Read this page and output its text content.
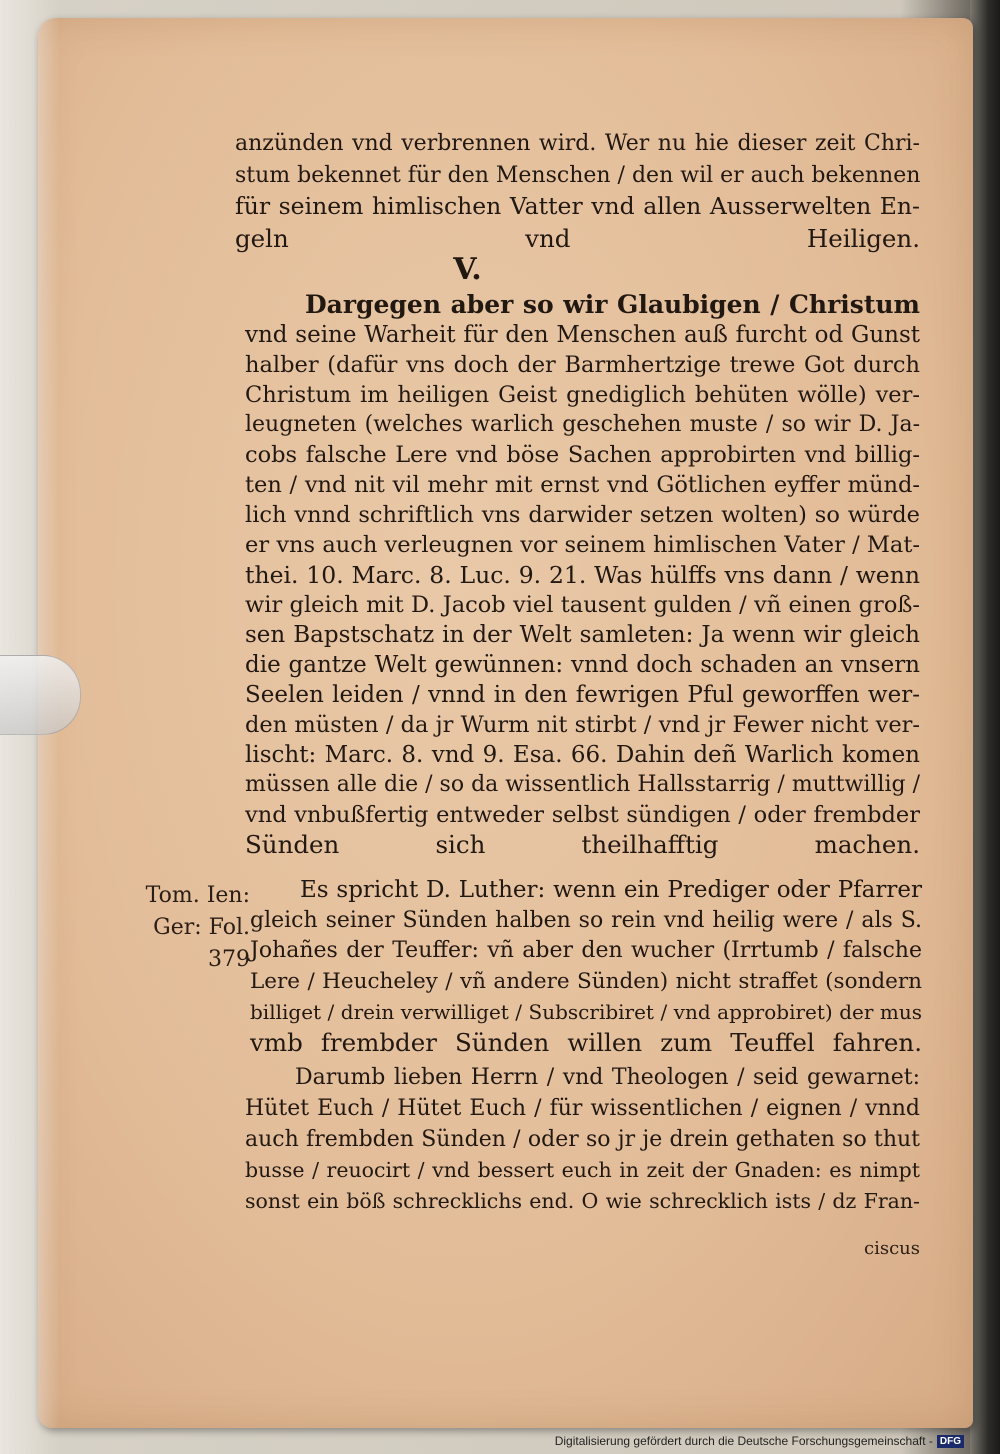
anzünden vnd verbrennen wird. Wer nu hie dieser zeit Chri-
stum bekennet für den Menschen / den wil er auch bekennen
für seinem himlischen Vatter vnd allen Ausserwelten En-
geln vnd Heiligen.
V.
Dargegen aber so wir Glaubigen / Christum
vnd seine Warheit für den Menschen auß furcht od Gunst
halber (dafür vns doch der Barmhertzige trewe Got durch
Christum im heiligen Geist gnediglich behüten wölle) ver-
leugneten (welches warlich geschehen muste / so wir D. Ja-
cobs falsche Lere vnd böse Sachen approbirten vnd billig-
ten / vnd nit vil mehr mit ernst vnd Götlichen eyffer münd-
lich vnnd schriftlich vns darwider setzen wolten) so würde
er vns auch verleugnen vor seinem himlischen Vater / Mat-
thei. 10. Marc. 8. Luc. 9. 21. Was hülffs vns dann / wenn
wir gleich mit D. Jacob viel tausent gulden / vñ einen groß-
sen Bapstschatz in der Welt samleten: Ja wenn wir gleich
die gantze Welt gewünnen: vnnd doch schaden an vnsern
Seelen leiden / vnnd in den fewrigen Pful geworffen wer-
den müsten / da jr Wurm nit stirbt / vnd jr Fewer nicht ver-
lischt: Marc. 8. vnd 9. Esa. 66. Dahin deñ Warlich komen
müssen alle die / so da wissentlich Hallsstarrig / muttwillig /
vnd vnbußfertig entweder selbst sündigen / oder frembder
Sünden sich theilhafftig machen.
Tom. Ien:
Ger: Fol. 379
Es spricht D. Luther: wenn ein Prediger oder Pfarrer
gleich seiner Sünden halben so rein vnd heilig were / als S.
Johañes der Teuffer: vñ aber den wucher (Irrtumb / falsche
Lere / Heucheley / vñ andere Sünden) nicht straffet (sondern
billiget / drein verwilliget / Subscribiret / vnd approbiret) der mus
vmb frembder Sünden willen zum Teuffel fahren.
Darumb lieben Herrn / vnd Theologen / seid gewarnet:
Hütet Euch / Hütet Euch / für wissentlichen / eignen / vnnd
auch frembden Sünden / oder so jr je drein gethaten so thut
busse / reuocirt / vnd bessert euch in zeit der Gnaden: es nimpt
sonst ein böß schrecklichs end. O wie schrecklich ists / dz Fran-
ciscus
Digitalisierung gefördert durch die Deutsche Forschungsgemeinschaft - DFG
